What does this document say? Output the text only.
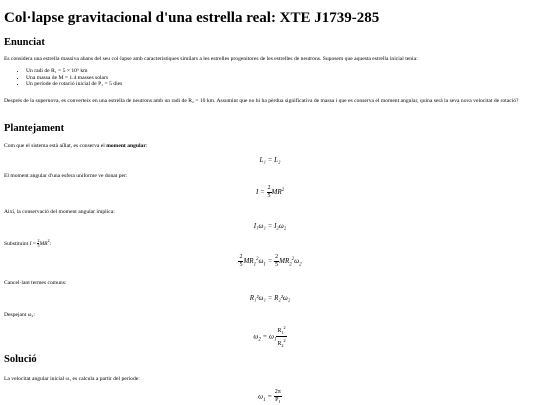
Col·lapse gravitacional d'una estrella real: XTE J1739-285
Enunciat

Es considera una estrella massiva abans del seu col·lapse amb característiques similars a les estrelles progenitores de les estrelles de neutrons. Suposem que aquesta estrella inicial tenia:

• Un radi de R₁ = 5 × 10⁵ km
• Una massa de M = 1.4 masses solars
• Un període de rotació inicial de P₁ = 5 dies

Després de la supernova, es converteix en una estrella de neutrons amb un radi de R₂ = 10 km. Assumint que no hi ha pèrdua significativa de massa i que es conserva el moment angular, quina serà la seva nova velocitat de rotació?

Plantejament

Com que el sistema està aïllat, es conserva el moment angular:

L₁ = L₂

El moment angular d'una esfera uniforme ve donat per:

$I = \frac{2}{5} MR^2$

Així, la conservació del moment angular implica:

I₁ω₁ = I₂ω₂

Substituint $I = \frac{2}{5} MR^2$:

$\frac{2}{5} MR_1^2\omega_1 = \frac{2}{5} MR_2^2\omega_2$

Cancel·lant termes comuns:

R₁²ω₁ = R₂²ω₂

Despejant ω₂:

$\omega_2 = \omega_1 \frac{R_1^2}{R_2^2}$
Solució

La velocitat angular inicial ω₁ es calcula a partir del període:

$\omega_1 = \frac{2\pi}{P_1}$
